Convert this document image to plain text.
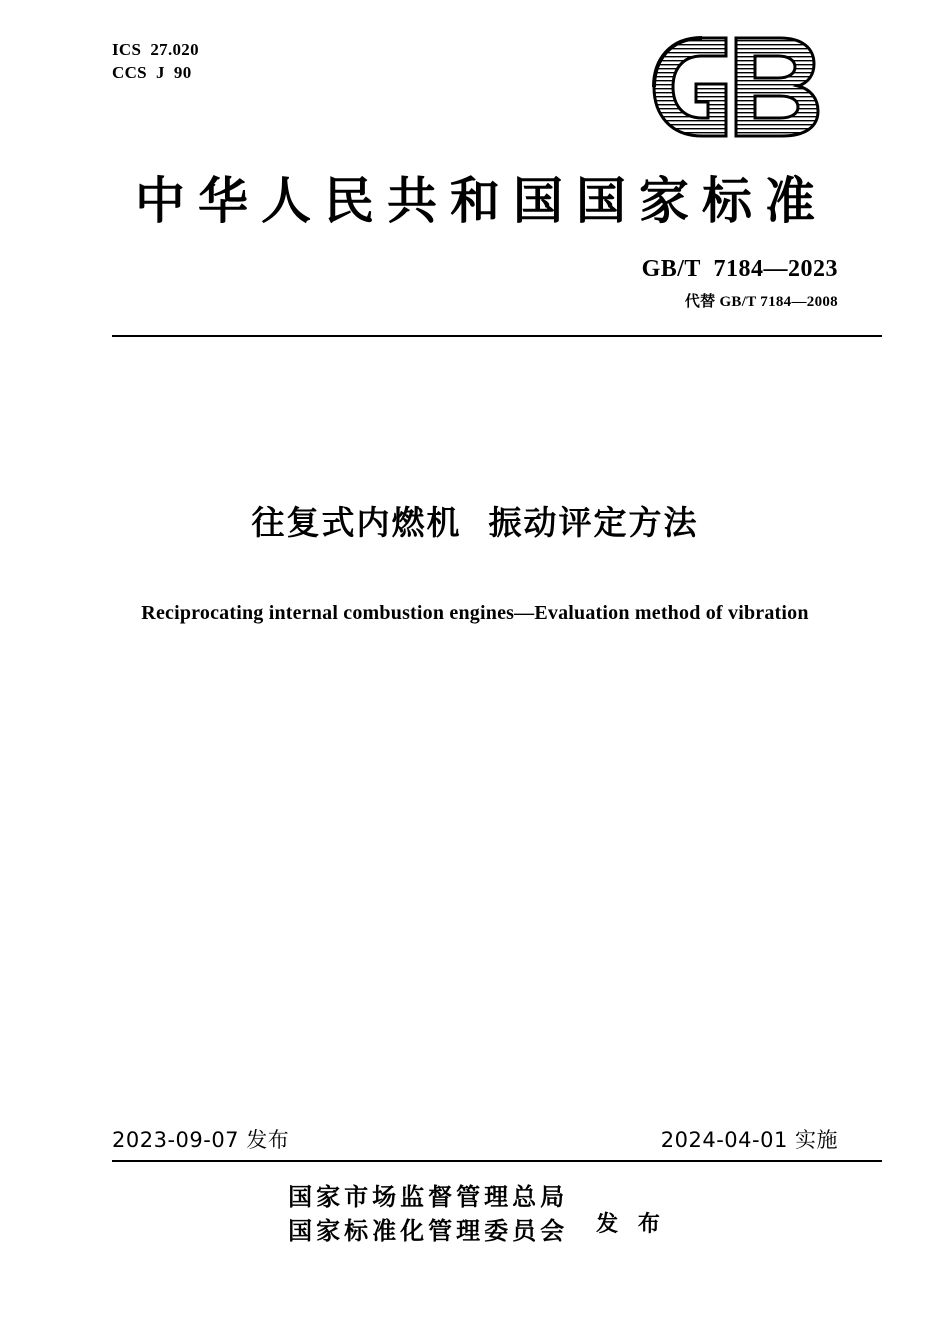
ICS  27.020
CCS  J  90
中华人民共和国国家标准
GB/T  7184—2023
代替 GB/T 7184—2008
往复式内燃机  振动评定方法
Reciprocating internal combustion engines—Evaluation method of vibration
2023-09-07 发布	2024-04-01 实施
国家市场监督管理总局
国家标准化管理委员会 发 布
